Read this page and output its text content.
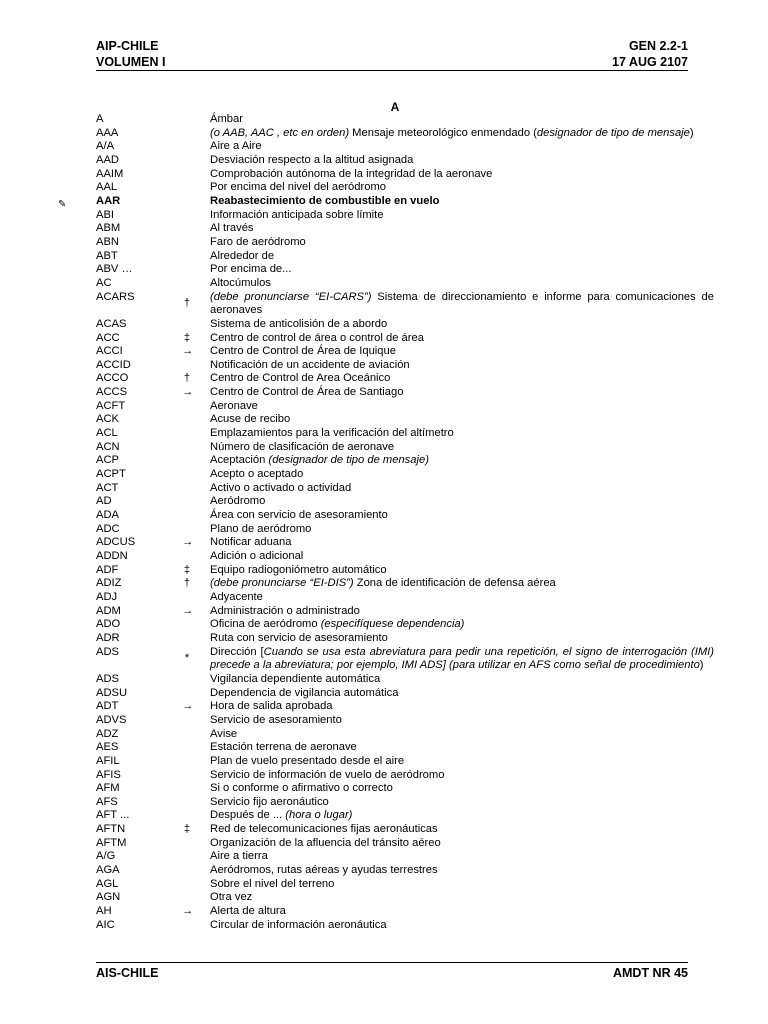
AIP-CHILE	GEN 2.2-1
VOLUMEN I	17 AUG 2107
A
✎
A	Ámbar
AAA	(o AAB, AAC , etc en orden) Mensaje meteorológico enmendado (designador de tipo de mensaje)
A/A	Aire a Aire
AAD	Desviación respecto a la altitud asignada
AAIM	Comprobación autónoma de la integridad de la aeronave
AAL	Por encima del nivel del aeródromo
AAR	Reabastecimiento de combustible en vuelo
ABI	Información anticipada sobre límite
ABM	Al través
ABN	Faro de aeródromo
ABT	Alrededor de
ABV …	Por encima de...
AC	Altocúmulos
ACARS	† (debe pronunciarse “EI-CARS”) Sistema de direccionamiento e informe para comunicaciones de aeronaves
ACAS	Sistema de anticolisión de a abordo
ACC	‡ Centro de control de área o control de área
ACCI	→ Centro de Control de Área de Iquique
ACCID	Notificación de un accidente de aviación
ACCO	† Centro de Control de Area Oceánico
ACCS	→ Centro de Control de Área de Santiago
ACFT	Aeronave
ACK	Acuse de recibo
ACL	Emplazamientos para la verificación del altímetro
ACN	Número de clasificación de aeronave
ACP	Aceptación (designador de tipo de mensaje)
ACPT	Acepto o aceptado
ACT	Activo o activado o actividad
AD	Aeródromo
ADA	Área con servicio de asesoramiento
ADC	Plano de aeródromo
ADCUS	→ Notificar aduana
ADDN	Adición o adicional
ADF	‡ Equipo radiogoniómetro automático
ADIZ	† (debe pronunciarse “EI-DIS”) Zona de identificación de defensa aérea
ADJ	Adyacente
ADM	→ Administración o administrado
ADO	Oficina de aeródromo (especifíquese dependencia)
ADR	Ruta con servicio de asesoramiento
ADS	* Dirección [Cuando se usa esta abreviatura para pedir una repetición, el signo de interrogación (IMI) precede a la abreviatura; por ejemplo, IMI ADS] (para utilizar en AFS como señal de procedimiento)
ADS	Vigilancia dependiente automática
ADSU	Dependencia de vigilancia automática
ADT	→ Hora de salida aprobada
ADVS	Servicio de asesoramiento
ADZ	Avise
AES	Estación terrena de aeronave
AFIL	Plan de vuelo presentado desde el aire
AFIS	Servicio de información de vuelo de aeródromo
AFM	Si o conforme o afirmativo o correcto
AFS	Servicio fijo aeronáutico
AFT ...	Después de ... (hora o lugar)
AFTN	‡ Red de telecomunicaciones fijas aeronáuticas
AFTM	Organización de la afluencia del tránsito aéreo
A/G	Aire a tierra
AGA	Aeródromos, rutas aéreas y ayudas terrestres
AGL	Sobre el nivel del terreno
AGN	Otra vez
AH	→ Alerta de altura
AIC	Circular de información aeronáutica
AIS-CHILE	AMDT NR 45
